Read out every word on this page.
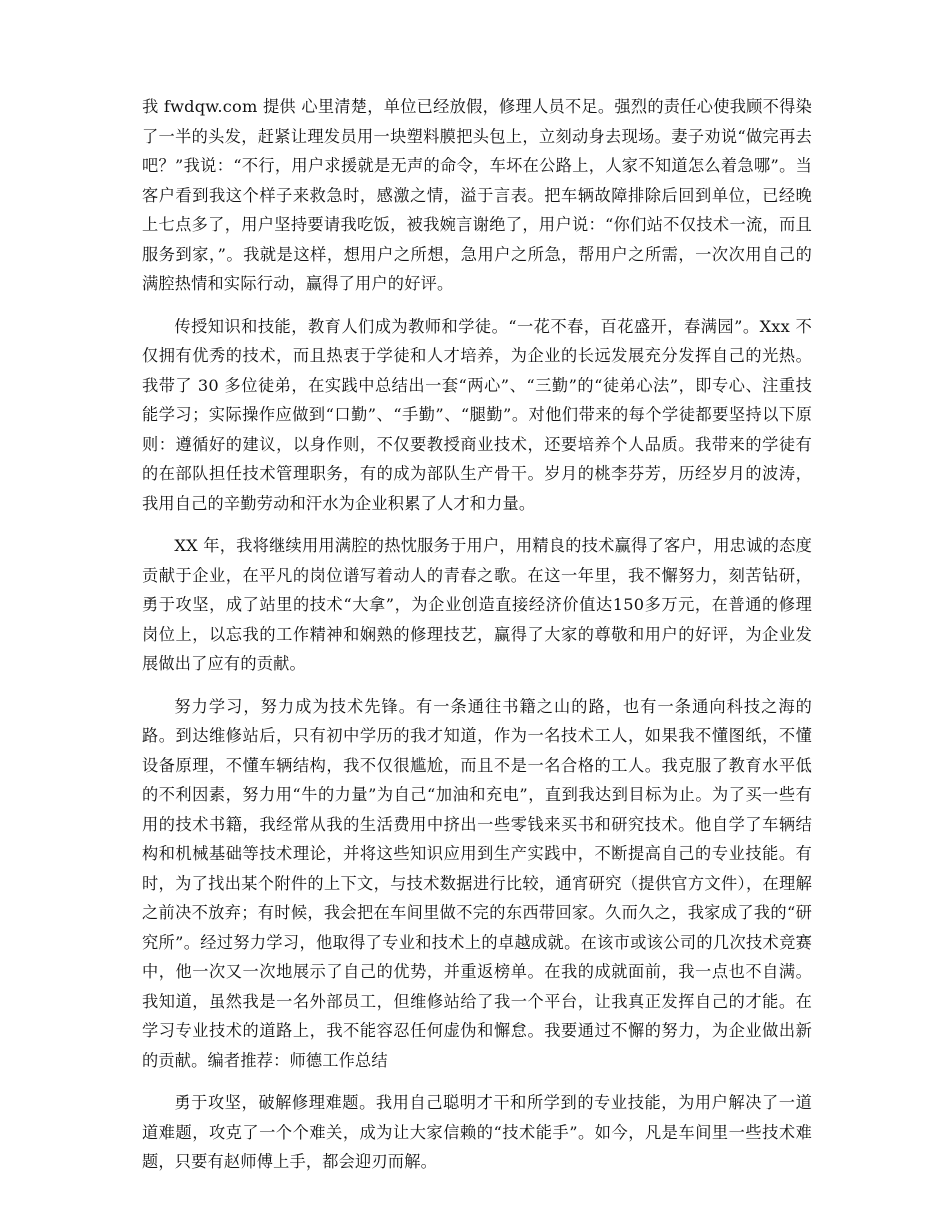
我 fwdqw.com 提供 心里清楚，单位已经放假，修理人员不足。强烈的责任心使我顾不得染了一半的头发，赶紧让理发员用一块塑料膜把头包上，立刻动身去现场。妻子劝说“做完再去吧？”我说：“不行，用户求援就是无声的命令，车坏在公路上，人家不知道怎么着急哪”。当客户看到我这个样子来救急时，感激之情，溢于言表。把车辆故障排除后回到单位，已经晚上七点多了，用户坚持要请我吃饭，被我婉言谢绝了，用户说：“你们站不仅技术一流，而且服务到家，”。我就是这样，想用户之所想，急用户之所急，帮用户之所需，一次次用自己的满腔热情和实际行动，赢得了用户的好评。

传授知识和技能，教育人们成为教师和学徒。“一花不春，百花盛开，春满园”。Xxx 不仅拥有优秀的技术，而且热衷于学徒和人才培养，为企业的长远发展充分发挥自己的光热。我带了 30 多位徒弟，在实践中总结出一套“两心”、“三勤”的“徒弟心法”，即专心、注重技能学习；实际操作应做到“口勤”、“手勤”、“腿勤”。对他们带来的每个学徒都要坚持以下原则：遵循好的建议，以身作则，不仅要教授商业技术，还要培养个人品质。我带来的学徒有的在部队担任技术管理职务，有的成为部队生产骨干。岁月的桃李芬芳，历经岁月的波涛，我用自己的辛勤劳动和汗水为企业积累了人才和力量。

XX 年，我将继续用用满腔的热忱服务于用户，用精良的技术赢得了客户，用忠诚的态度贡献于企业，在平凡的岗位谱写着动人的青春之歌。在这一年里，我不懈努力，刻苦钻研，勇于攻坚，成了站里的技术“大拿”，为企业创造直接经济价值达150多万元，在普通的修理岗位上，以忘我的工作精神和娴熟的修理技艺，赢得了大家的尊敬和用户的好评，为企业发展做出了应有的贡献。

努力学习，努力成为技术先锋。有一条通往书籍之山的路，也有一条通向科技之海的路。到达维修站后，只有初中学历的我才知道，作为一名技术工人，如果我不懂图纸，不懂设备原理，不懂车辆结构，我不仅很尴尬，而且不是一名合格的工人。我克服了教育水平低的不利因素，努力用“牛的力量”为自己“加油和充电”，直到我达到目标为止。为了买一些有用的技术书籍，我经常从我的生活费用中挤出一些零钱来买书和研究技术。他自学了车辆结构和机械基础等技术理论，并将这些知识应用到生产实践中，不断提高自己的专业技能。有时，为了找出某个附件的上下文，与技术数据进行比较，通宵研究（提供官方文件），在理解之前决不放弃；有时候，我会把在车间里做不完的东西带回家。久而久之，我家成了我的“研究所”。经过努力学习，他取得了专业和技术上的卓越成就。在该市或该公司的几次技术竞赛中，他一次又一次地展示了自己的优势，并重返榜单。在我的成就面前，我一点也不自满。我知道，虽然我是一名外部员工，但维修站给了我一个平台，让我真正发挥自己的才能。在学习专业技术的道路上，我不能容忍任何虚伪和懈怠。我要通过不懈的努力，为企业做出新的贡献。编者推荐：师德工作总结

勇于攻坚，破解修理难题。我用自己聪明才干和所学到的专业技能，为用户解决了一道道难题，攻克了一个个难关，成为让大家信赖的“技术能手”。如今，凡是车间里一些技术难题，只要有赵师傅上手，都会迎刃而解。
